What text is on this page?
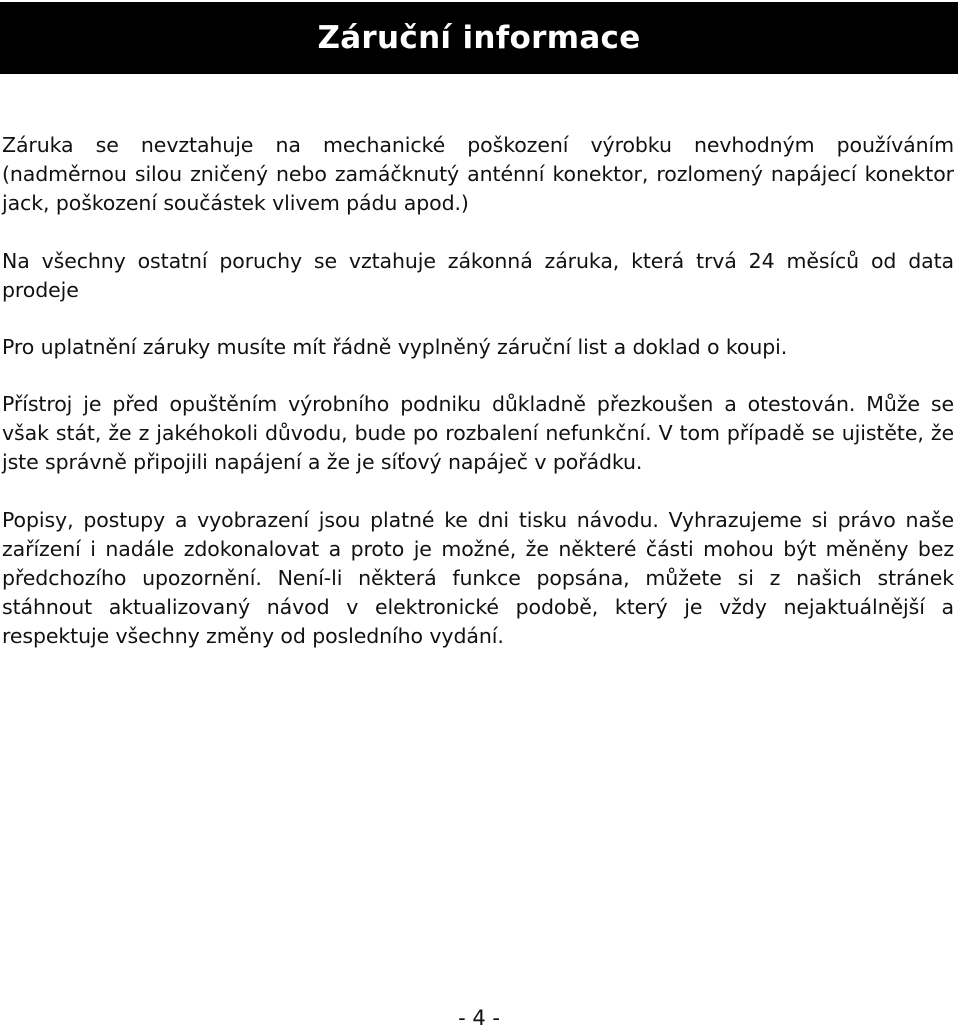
Záruční informace

Záruka se nevztahuje na mechanické poškození výrobku nevhodným používáním (nadměrnou silou zničený nebo zamáčknutý anténní konektor, rozlomený napájecí konektor jack, poškození součástek vlivem pádu apod.)

Na všechny ostatní poruchy se vztahuje zákonná záruka, která trvá 24 měsíců od data prodeje

Pro uplatnění záruky musíte mít řádně vyplněný záruční list a doklad o koupi.

Přístroj je před opuštěním výrobního podniku důkladně přezkoušen a otestován. Může se však stát, že z jakéhokoli důvodu, bude po rozbalení nefunkční. V tom případě se ujistěte, že jste správně připojili napájení a že je síťový napáječ v pořádku.

Popisy, postupy a vyobrazení jsou platné ke dni tisku návodu. Vyhrazujeme si právo naše zařízení i nadále zdokonalovat a proto je možné, že některé části mohou být měněny bez předchozího upozornění. Není-li některá funkce popsána, můžete si z našich stránek stáhnout aktualizovaný návod v elektronické podobě, který je vždy nejaktuálnější a respektuje všechny změny od posledního vydání.

- 4 -
